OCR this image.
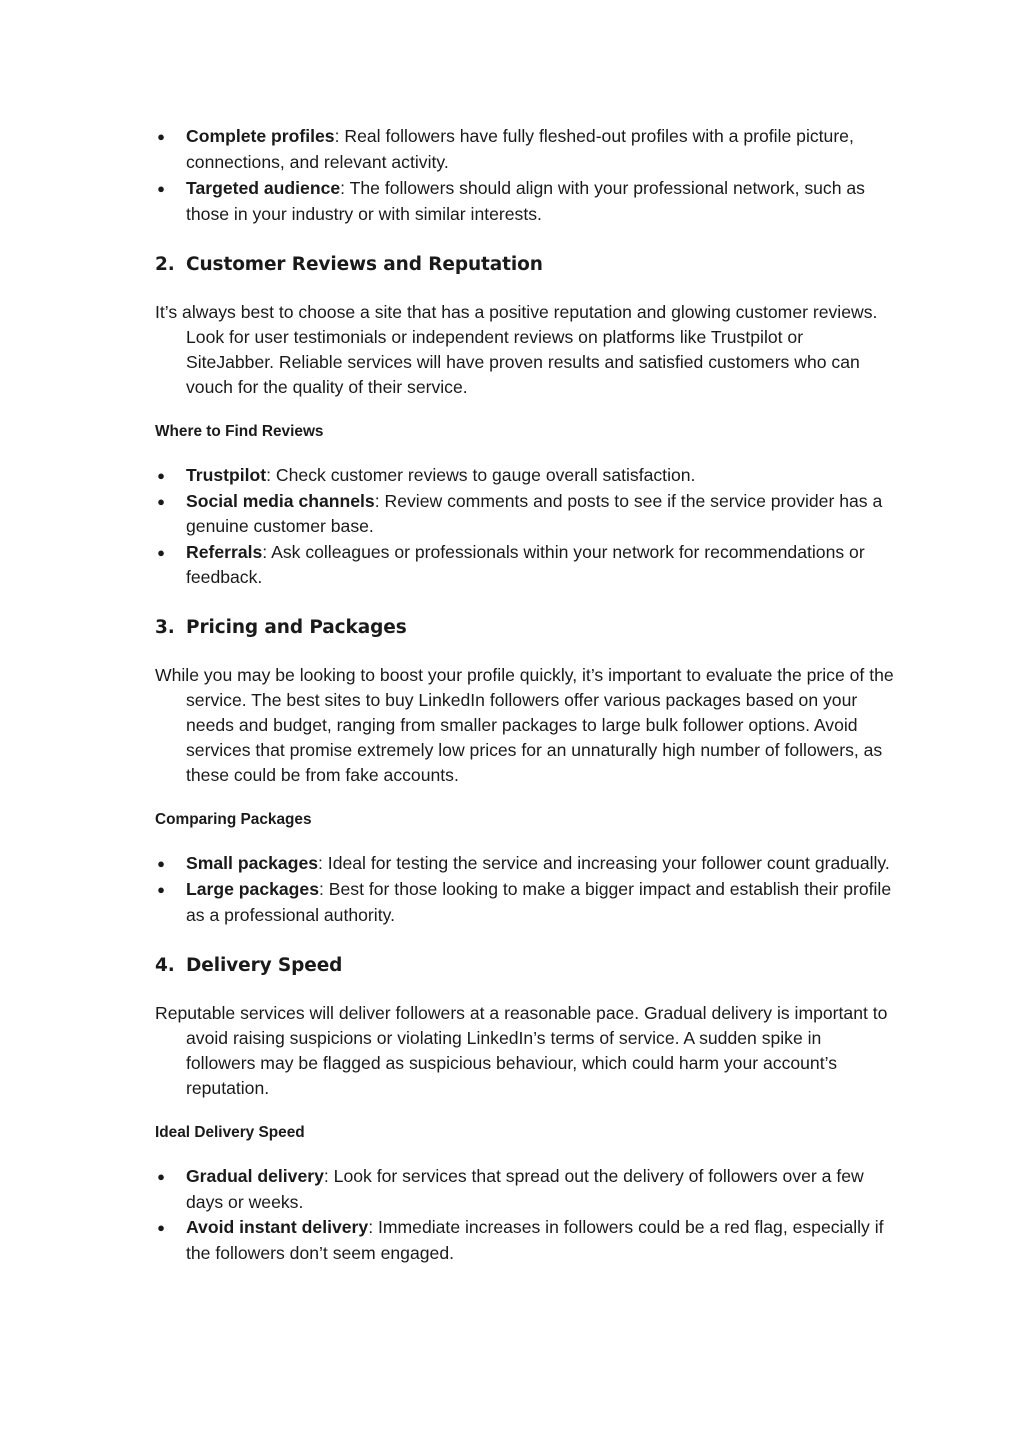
● Complete profiles: Real followers have fully fleshed-out profiles with a profile picture, connections, and relevant activity.
● Targeted audience: The followers should align with your professional network, such as those in your industry or with similar interests.
2. Customer Reviews and Reputation

It’s always best to choose a site that has a positive reputation and glowing customer reviews. Look for user testimonials or independent reviews on platforms like Trustpilot or SiteJabber. Reliable services will have proven results and satisfied customers who can vouch for the quality of their service.

Where to Find Reviews
● Trustpilot: Check customer reviews to gauge overall satisfaction.
● Social media channels: Review comments and posts to see if the service provider has a genuine customer base.
● Referrals: Ask colleagues or professionals within your network for recommendations or feedback.
3. Pricing and Packages

While you may be looking to boost your profile quickly, it’s important to evaluate the price of the service. The best sites to buy LinkedIn followers offer various packages based on your needs and budget, ranging from smaller packages to large bulk follower options. Avoid services that promise extremely low prices for an unnaturally high number of followers, as these could be from fake accounts.

Comparing Packages
● Small packages: Ideal for testing the service and increasing your follower count gradually.
● Large packages: Best for those looking to make a bigger impact and establish their profile as a professional authority.
4. Delivery Speed

Reputable services will deliver followers at a reasonable pace. Gradual delivery is important to avoid raising suspicions or violating LinkedIn’s terms of service. A sudden spike in followers may be flagged as suspicious behaviour, which could harm your account’s reputation.

Ideal Delivery Speed
● Gradual delivery: Look for services that spread out the delivery of followers over a few days or weeks.
● Avoid instant delivery: Immediate increases in followers could be a red flag, especially if the followers don’t seem engaged.
